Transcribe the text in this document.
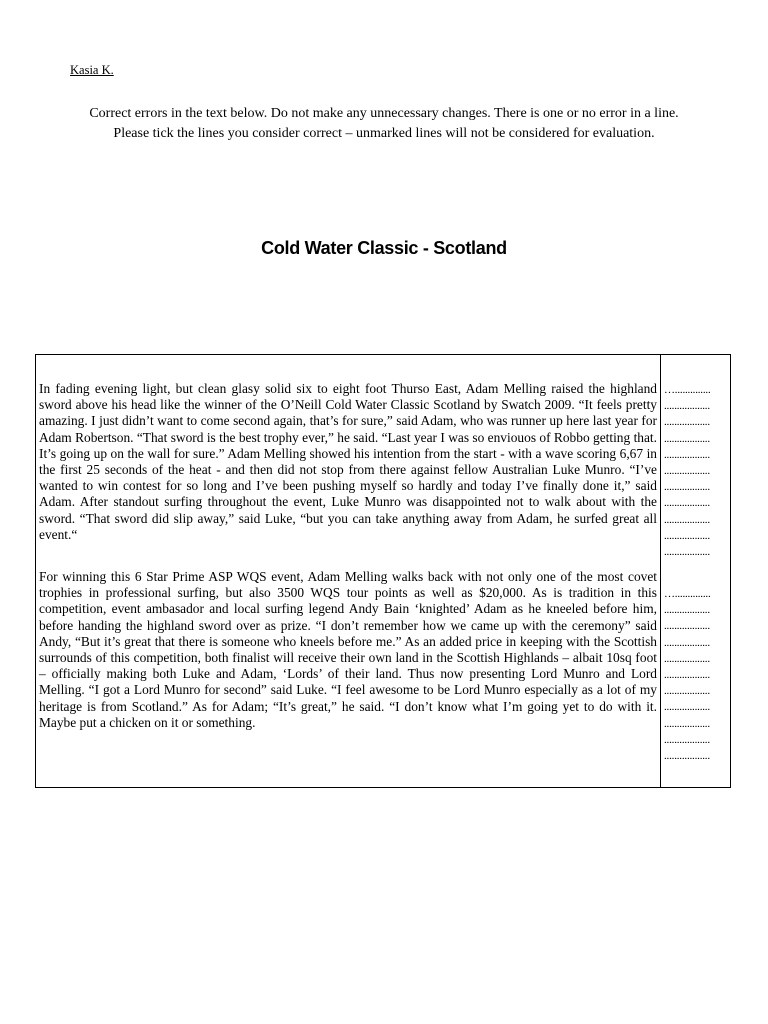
Kasia K.

Correct errors in the text below. Do not make any unnecessary changes. There is one or no error in a line.

Please tick the lines you consider correct – unmarked lines will not be considered for evaluation.

Cold Water Classic - Scotland

In fading evening light, but clean glasy solid six to eight foot Thurso East, Adam Melling raised the highland sword above his head like the winner of the O’Neill Cold Water Classic Scotland by Swatch 2009. “It feels pretty amazing. I just didn’t want to come second again, that’s for sure,” said Adam, who was runner up here last year for Adam Robertson. “That sword is the best trophy ever,” he said. “Last year I was so enviouos of Robbo getting that. It’s going up on the wall for sure.” Adam Melling showed his intention from the start - with a wave scoring 6,67 in the first 25 seconds of the heat - and then did not stop from there against fellow Australian Luke Munro. “I’ve wanted to win contest for so long and I’ve been pushing myself so hardly and today I’ve finally done it,” said Adam. After standout surfing throughout the event, Luke Munro was disappointed not to walk about with the sword. “That sword did slip away,” said Luke, “but you can take anything away from Adam, he surfed great all event.“

For winning this 6 Star Prime ASP WQS event, Adam Melling walks back with not only one of the most covet trophies in professional surfing, but also 3500 WQS tour points as well as $20,000. As is tradition in this competition, event ambasador and local surfing legend Andy Bain ‘knighted’ Adam as he kneeled before him, before handing the highland sword over as prize. “I don’t remember how we came up with the ceremony” said Andy, “But it’s great that there is someone who kneels before me.” As an added price in keeping with the Scottish surrounds of this competition, both finalist will receive their own land in the Scottish Highlands – albait 10sq foot – officially making both Luke and Adam, ‘Lords’ of their land. Thus now presenting Lord Munro and Lord Melling. “I got a Lord Munro for second” said Luke. “I feel awesome to be Lord Munro especially as a lot of my heritage is from Scotland.” As for Adam; “It’s great,” he said. “I don’t know what I’m going yet to do with it. Maybe put a chicken on it or something.

…..............
..................
..................
..................
..................
..................
..................
..................
..................
..................
..................
…..............
..................
..................
..................
..................
..................
..................
..................
..................
..................
..................
